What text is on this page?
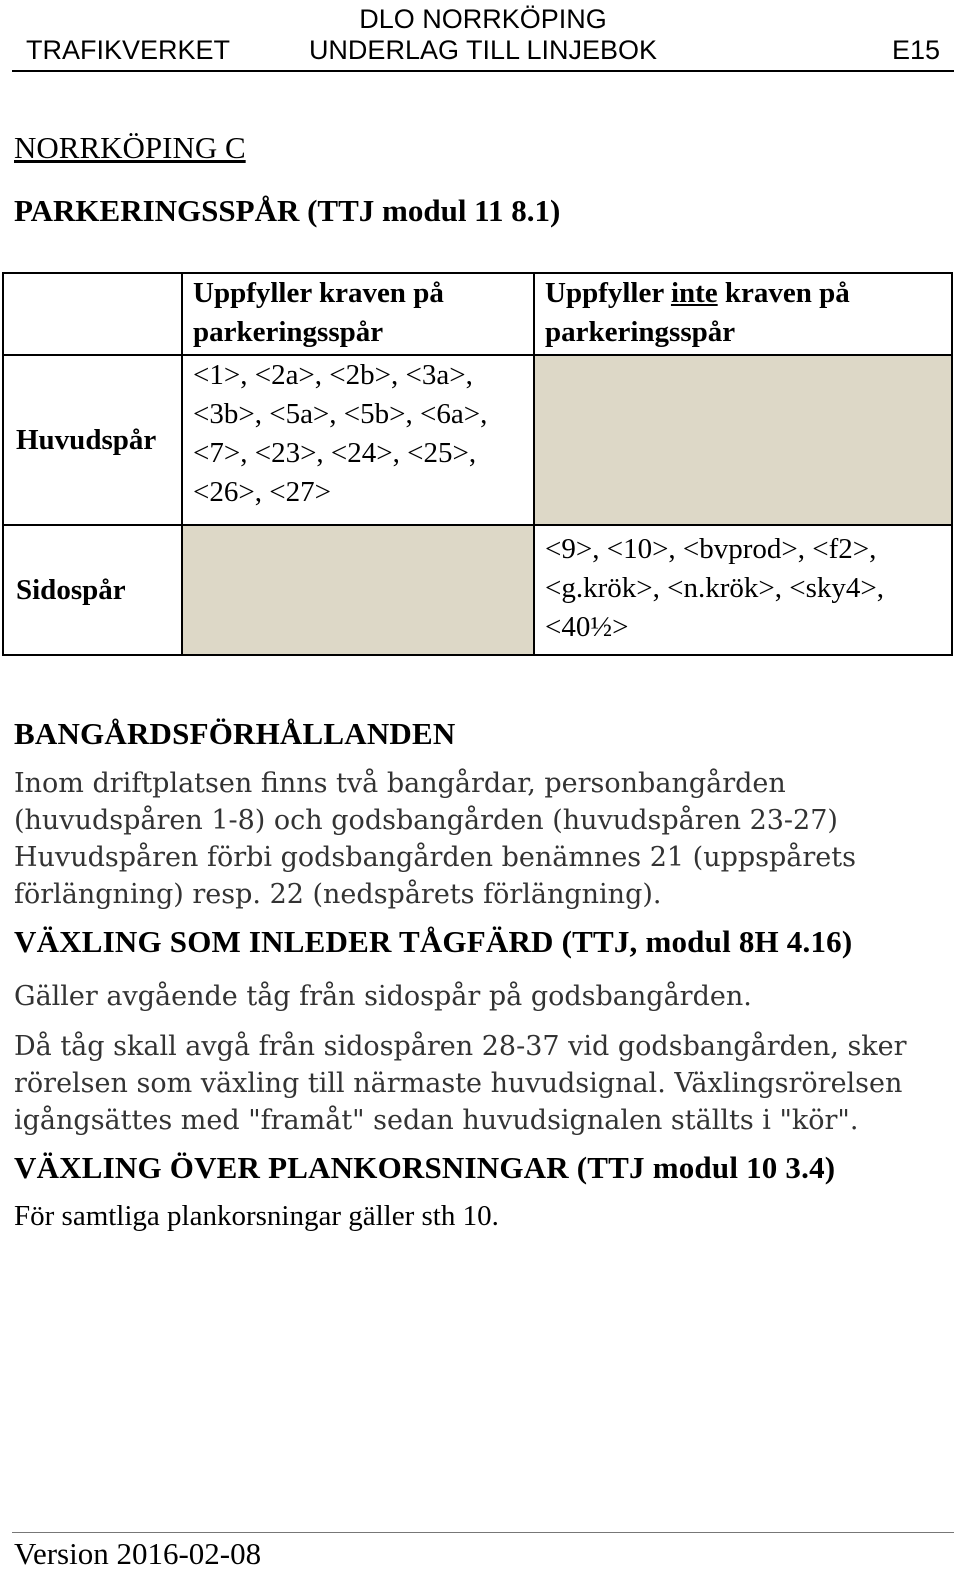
DLO NORRKÖPING
TRAFIKVERKET	UNDERLAG TILL LINJEBOK	E15
NORRKÖPING C
PARKERINGSSPÅR (TTJ modul 11 8.1)
	Uppfyller kraven på parkeringsspår	Uppfyller inte kraven på parkeringsspår
Huvudspår	<1>, <2a>, <2b>, <3a>, <3b>, <5a>, <5b>, <6a>, <7>, <23>, <24>, <25>, <26>, <27>	
Sidospår		<9>, <10>, <bvprod>, <f2>, <g.krök>, <n.krök>, <sky4>, <40½>
BANGÅRDSFÖRHÅLLANDEN
Inom driftplatsen finns två bangårdar, personbangården (huvudspåren 1-8) och godsbangården (huvudspåren 23-27) Huvudspåren förbi godsbangården benämnes 21 (uppspårets förlängning) resp. 22 (nedspårets förlängning).
VÄXLING SOM INLEDER TÅGFÄRD (TTJ, modul 8H 4.16)
Gäller avgående tåg från sidospår på godsbangården.
Då tåg skall avgå från sidospåren 28-37 vid godsbangården, sker rörelsen som växling till närmaste huvudsignal. Växlingsrörelsen igångsättes med "framåt" sedan huvudsignalen ställts i "kör".
VÄXLING ÖVER PLANKORSNINGAR (TTJ modul 10 3.4)
För samtliga plankorsningar gäller sth 10.
Version 2016-02-08
